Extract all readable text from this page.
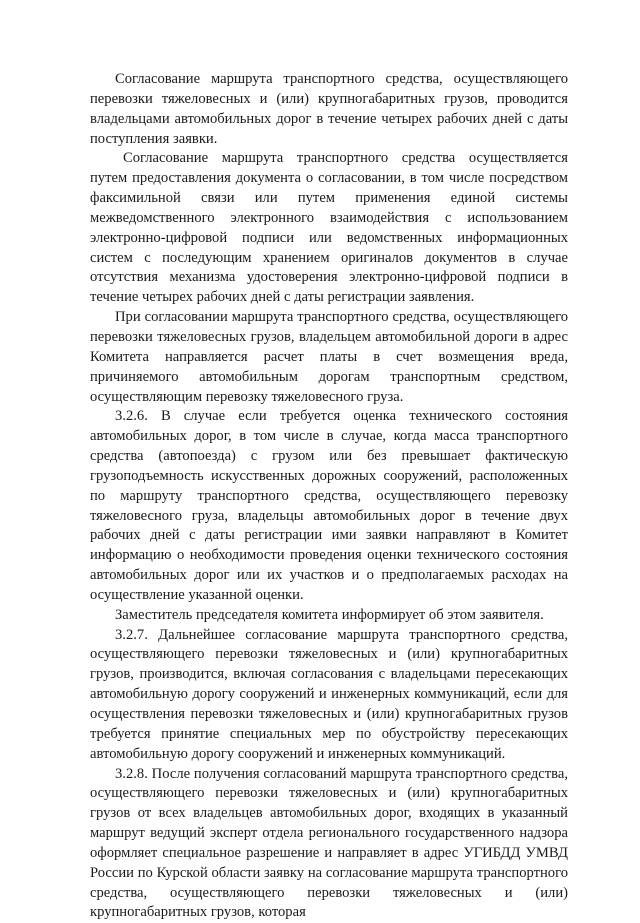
Согласование маршрута транспортного средства, осуществляющего перевозки тяжеловесных и (или) крупногабаритных грузов, проводится владельцами автомобильных дорог в течение четырех рабочих дней с даты поступления заявки.

Согласование маршрута транспортного средства осуществляется путем предоставления документа о согласовании, в том числе посредством факсимильной связи или путем применения единой системы межведомственного электронного взаимодействия с использованием электронно-цифровой подписи или ведомственных информационных систем с последующим хранением оригиналов документов в случае отсутствия механизма удостоверения электронно-цифровой подписи в течение четырех рабочих дней с даты регистрации заявления.

При согласовании маршрута транспортного средства, осуществляющего перевозки тяжеловесных грузов, владельцем автомобильной дороги в адрес Комитета направляется расчет платы в счет возмещения вреда, причиняемого автомобильным дорогам транспортным средством, осуществляющим перевозку тяжеловесного груза.

3.2.6. В случае если требуется оценка технического состояния автомобильных дорог, в том числе в случае, когда масса транспортного средства (автопоезда) с грузом или без превышает фактическую грузоподъемность искусственных дорожных сооружений, расположенных по маршруту транспортного средства, осуществляющего перевозку тяжеловесного груза, владельцы автомобильных дорог в течение двух рабочих дней с даты регистрации ими заявки направляют в Комитет информацию о необходимости проведения оценки технического состояния автомобильных дорог или их участков и о предполагаемых расходах на осуществление указанной оценки.

Заместитель председателя комитета информирует об этом заявителя.

3.2.7. Дальнейшее согласование маршрута транспортного средства, осуществляющего перевозки тяжеловесных и (или) крупногабаритных грузов, производится, включая согласования с владельцами пересекающих автомобильную дорогу сооружений и инженерных коммуникаций, если для осуществления перевозки тяжеловесных и (или) крупногабаритных грузов требуется принятие специальных мер по обустройству пересекающих автомобильную дорогу сооружений и инженерных коммуникаций.

3.2.8. После получения согласований маршрута транспортного средства, осуществляющего перевозки тяжеловесных и (или) крупногабаритных грузов от всех владельцев автомобильных дорог, входящих в указанный маршрут ведущий эксперт отдела регионального государственного надзора оформляет специальное разрешение и направляет в адрес УГИБДД УМВД России по Курской области заявку на согласование маршрута транспортного средства, осуществляющего перевозки тяжеловесных и (или) крупногабаритных грузов, которая
